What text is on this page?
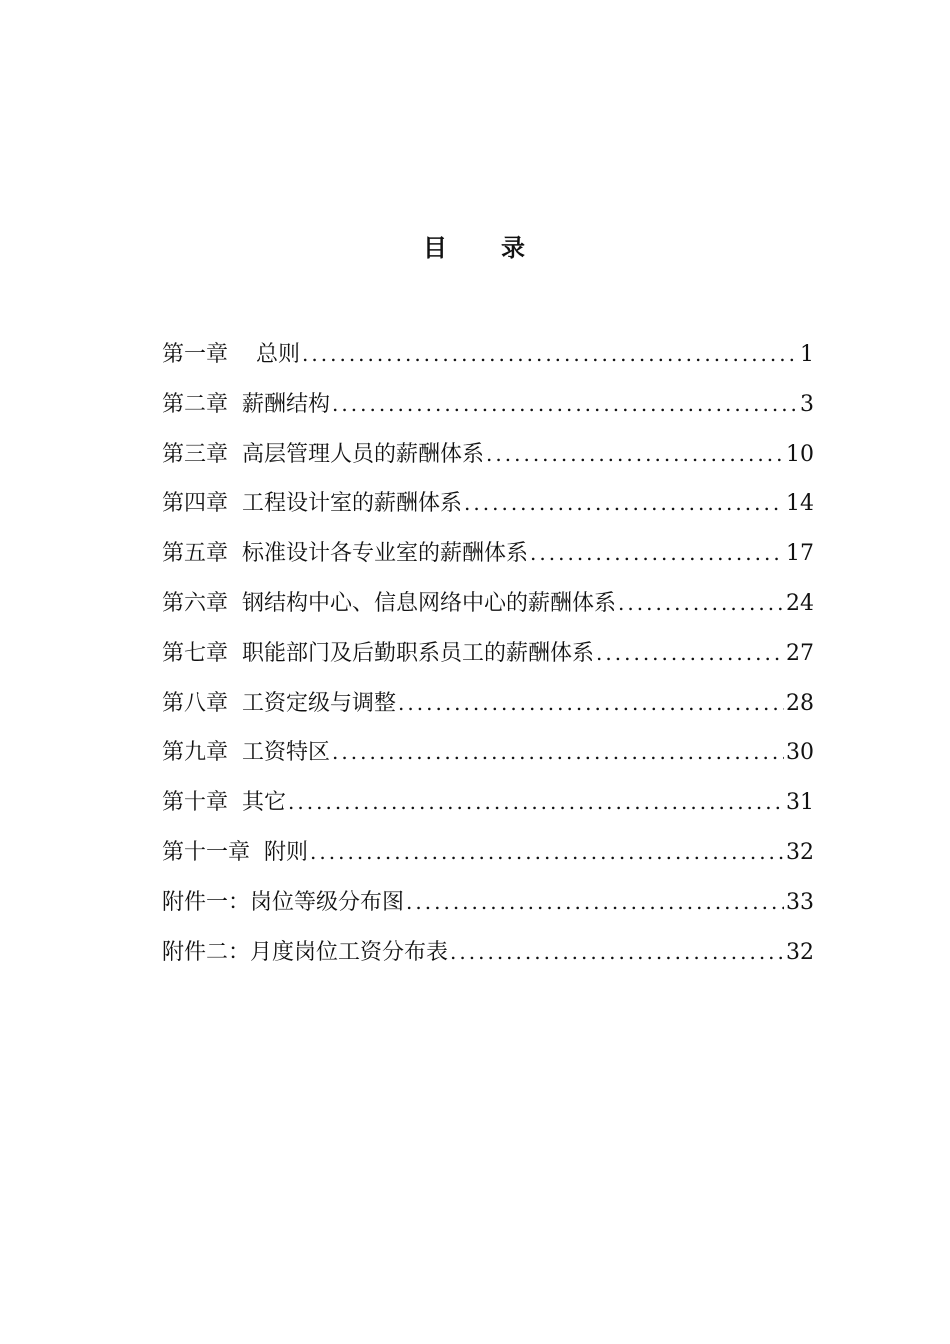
目 录
第一章 总则 .....	1
第二章 薪酬结构 .....	3
第三章 高层管理人员的薪酬体系 .....	10
第四章 工程设计室的薪酬体系 .....	14
第五章 标准设计各专业室的薪酬体系 .....	17
第六章 钢结构中心、信息网络中心的薪酬体系 .....	24
第七章 职能部门及后勤职系员工的薪酬体系 .....	27
第八章 工资定级与调整 .....	28
第九章 工资特区 .....	30
第十章 其它 .....	31
第十一章 附则 .....	32
附件一： 岗位等级分布图 .....	33
附件二： 月度岗位工资分布表 .....	32
